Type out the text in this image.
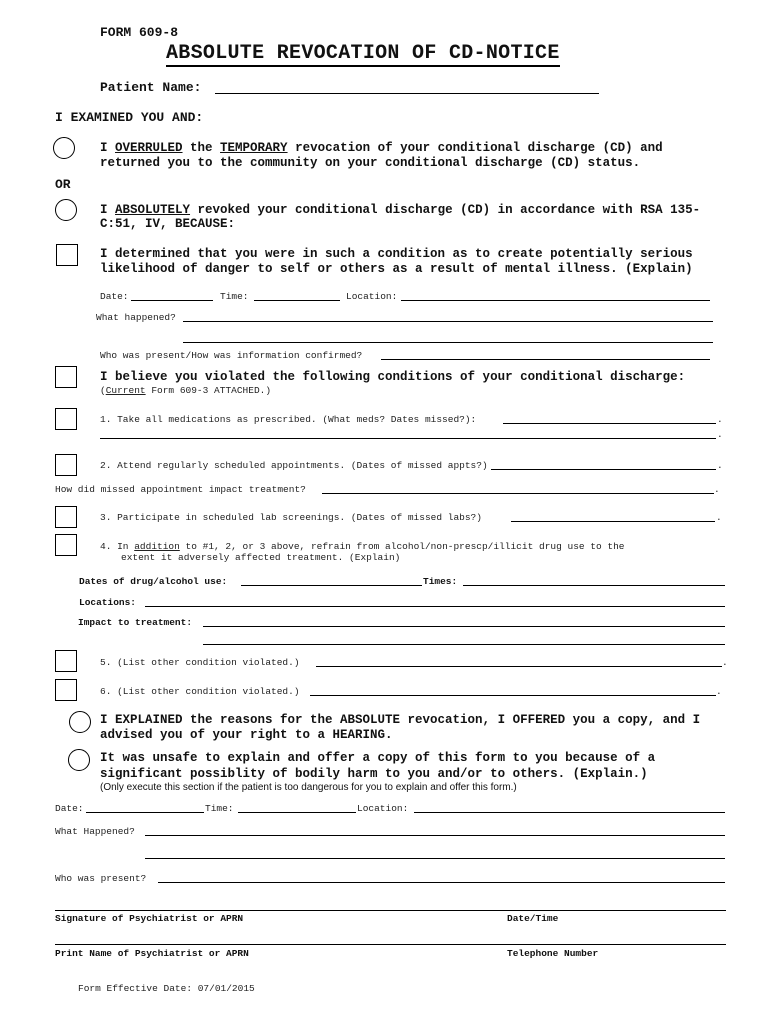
FORM 609-8
ABSOLUTE REVOCATION OF CD-NOTICE
Patient Name:
I EXAMINED YOU AND:
I OVERRULED the TEMPORARY revocation of your conditional discharge (CD) and
returned you to the community on your conditional discharge (CD) status.
OR
I ABSOLUTELY revoked your conditional discharge (CD) in accordance with RSA 135-
C:51, IV, BECAUSE:
I determined that you were in such a condition as to create potentially serious
likelihood of danger to self or others as a result of mental illness. (Explain)
Date:	Time:	Location:
What happened?
Who was present/How was information confirmed?
I believe you violated the following conditions of your conditional discharge:
(Current Form 609-3 ATTACHED.)
1. Take all medications as prescribed. (What meds? Dates missed?):	.
.
2. Attend regularly scheduled appointments. (Dates of missed appts?)	.
How did missed appointment impact treatment?	.
3. Participate in scheduled lab screenings. (Dates of missed labs?)	.
4. In addition to #1, 2, or 3 above, refrain from alcohol/non-prescp/illicit drug use to the
extent it adversely affected treatment. (Explain)
Dates of drug/alcohol use:	Times:
Locations:
Impact to treatment:
5. (List other condition violated.)	.
6. (List other condition violated.)	.
I EXPLAINED the reasons for the ABSOLUTE revocation, I OFFERED you a copy, and I
advised you of your right to a HEARING.
It was unsafe to explain and offer a copy of this form to you because of a
significant possiblity of bodily harm to you and/or to others. (Explain.)
(Only execute this section if the patient is too dangerous for you to explain and offer this form.)
Date:	Time:	Location:
What Happened?
Who was present?
Signature of Psychiatrist or APRN	Date/Time
Print Name of Psychiatrist or APRN	Telephone Number
Form Effective Date: 07/01/2015
